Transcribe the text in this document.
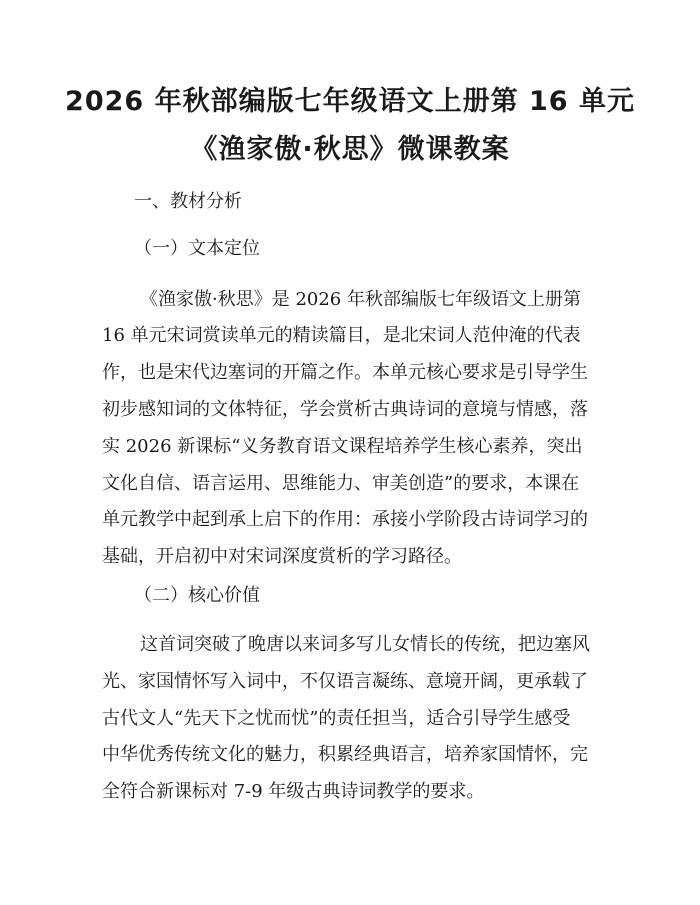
2026 年秋部编版七年级语文上册第 16 单元
《渔家傲·秋思》微课教案
一、教材分析
（一）文本定位
《渔家傲·秋思》是 2026 年秋部编版七年级语文上册第
16 单元宋词赏读单元的精读篇目，是北宋词人范仲淹的代表
作，也是宋代边塞词的开篇之作。本单元核心要求是引导学生
初步感知词的文体特征，学会赏析古典诗词的意境与情感，落
实 2026 新课标“义务教育语文课程培养学生核心素养，突出
文化自信、语言运用、思维能力、审美创造”的要求，本课在
单元教学中起到承上启下的作用：承接小学阶段古诗词学习的
基础，开启初中对宋词深度赏析的学习路径。
（二）核心价值
这首词突破了晚唐以来词多写儿女情长的传统，把边塞风
光、家国情怀写入词中，不仅语言凝练、意境开阔，更承载了
古代文人“先天下之忧而忧”的责任担当，适合引导学生感受
中华优秀传统文化的魅力，积累经典语言，培养家国情怀，完
全符合新课标对 7-9 年级古典诗词教学的要求。
